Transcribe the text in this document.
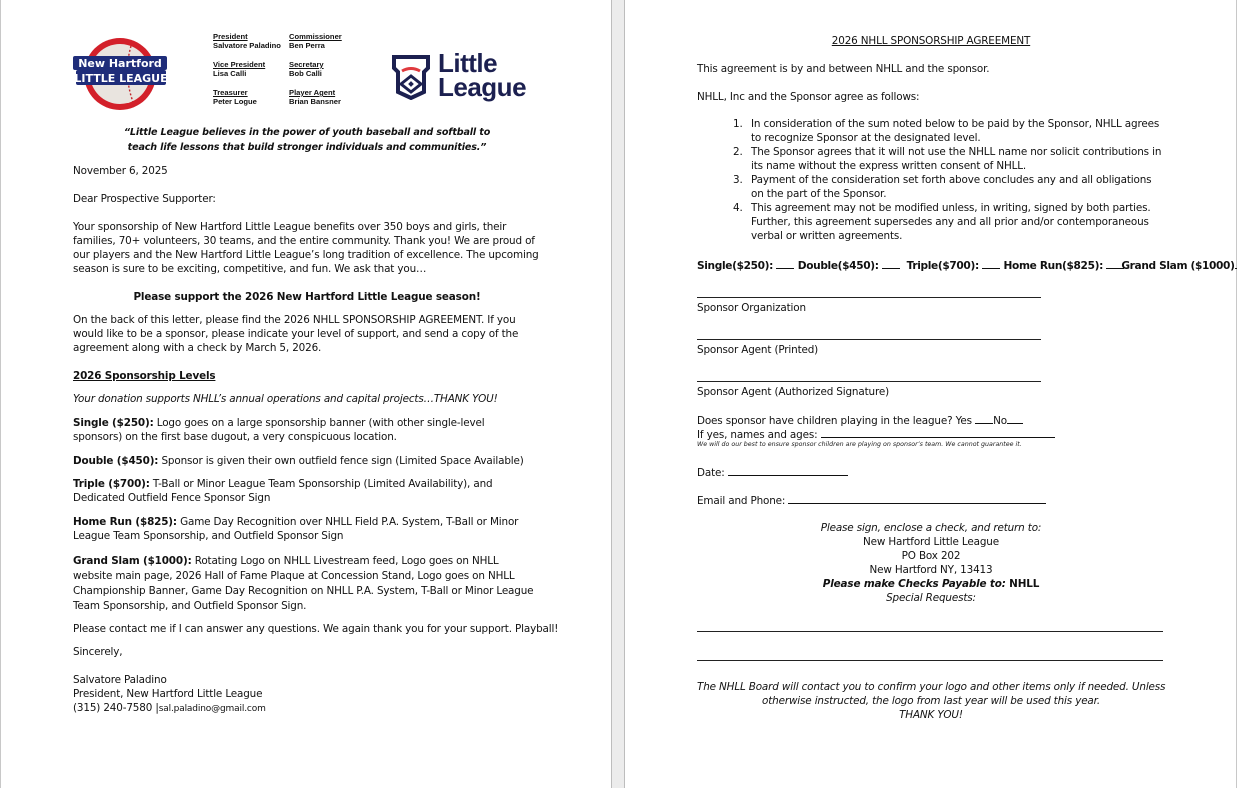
New Hartford
LITTLE LEAGUE
President
Salvatore Paladino
Commissioner
Ben Perra
Vice President
Lisa Calli
Secretary
Bob Calli
Treasurer
Peter Logue
Player Agent
Brian Bansner
Little
League
“Little League believes in the power of youth baseball and softball to
teach life lessons that build stronger individuals and communities.”
November 6, 2025
Dear Prospective Supporter:
Your sponsorship of New Hartford Little League benefits over 350 boys and girls, their families, 70+ volunteers, 30 teams, and the entire community. Thank you! We are proud of our players and the New Hartford Little League’s long tradition of excellence. The upcoming season is sure to be exciting, competitive, and fun. We ask that you…
Please support the 2026 New Hartford Little League season!
On the back of this letter, please find the 2026 NHLL SPONSORSHIP AGREEMENT. If you would like to be a sponsor, please indicate your level of support, and send a copy of the agreement along with a check by March 5, 2026.
2026 Sponsorship Levels
Your donation supports NHLL’s annual operations and capital projects…THANK YOU!
Single ($250): Logo goes on a large sponsorship banner (with other single-level sponsors) on the first base dugout, a very conspicuous location.
Double ($450): Sponsor is given their own outfield fence sign (Limited Space Available)
Triple ($700): T-Ball or Minor League Team Sponsorship (Limited Availability), and Dedicated Outfield Fence Sponsor Sign
Home Run ($825): Game Day Recognition over NHLL Field P.A. System, T-Ball or Minor League Team Sponsorship, and Outfield Sponsor Sign
Grand Slam ($1000): Rotating Logo on NHLL Livestream feed, Logo goes on NHLL website main page, 2026 Hall of Fame Plaque at Concession Stand, Logo goes on NHLL Championship Banner, Game Day Recognition on NHLL P.A. System, T-Ball or Minor League Team Sponsorship, and Outfield Sponsor Sign.
Please contact me if I can answer any questions. We again thank you for your support. Playball!
Sincerely,
Salvatore Paladino
President, New Hartford Little League
(315) 240-7580 |sal.paladino@gmail.com
2026 NHLL SPONSORSHIP AGREEMENT
This agreement is by and between NHLL and the sponsor.
NHLL, Inc and the Sponsor agree as follows:
1. In consideration of the sum noted below to be paid by the Sponsor, NHLL agrees to recognize Sponsor at the designated level.
2. The Sponsor agrees that it will not use the NHLL name nor solicit contributions in its name without the express written consent of NHLL.
3. Payment of the consideration set forth above concludes any and all obligations on the part of the Sponsor.
4. This agreement may not be modified unless, in writing, signed by both parties. Further, this agreement supersedes any and all prior and/or contemporaneous verbal or written agreements.
Single($250): Double($450):	Triple($700): Home Run($825): Grand Slam ($1000)
Sponsor Organization
Sponsor Agent (Printed)
Sponsor Agent (Authorized Signature)
Does sponsor have children playing in the league? Yes No
If yes, names and ages:
We will do our best to ensure sponsor children are playing on sponsor’s team. We cannot guarantee it.
Date:
Email and Phone:
Please sign, enclose a check, and return to:
New Hartford Little League
PO Box 202
New Hartford NY, 13413
Please make Checks Payable to: NHLL
Special Requests:
The NHLL Board will contact you to confirm your logo and other items only if needed. Unless
otherwise instructed, the logo from last year will be used this year.
THANK YOU!
